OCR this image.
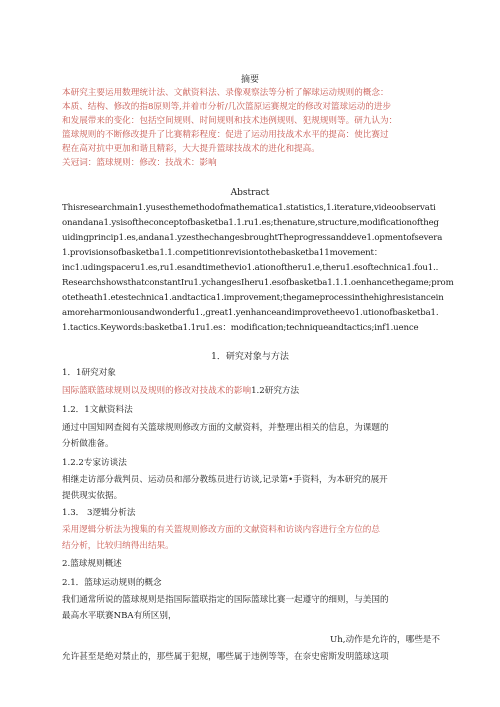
摘要
本研究主要运用数理统计法、文献资料法、录像观察法等分析了解球运动规则的概念：
本质、结构、修改的指8原则等,并着市分析/几次篮原运赛规定的修改对篮球运动的进步
和发展带来的变化：包括空间规则、时间规则和技术违例规则、犯规规则等。研九认为：
篮球规则的不断修改提升了比赛精彩程度：促进了运动用技战术水平的提高：使比赛过
程在高对抗中更加和谐且精彩，大大提升篮球技战术的进化和提高。
关冠词：篮球规则：修改：技战术：影响
Abstract
Thisresearchmain1.yusesthemethodofmathematica1.statistics,1.iterature,videoobservati
onandana1.ysisoftheconceptofbasketba1.1.ru1.es;thenature,structure,modificationoftheg
uidingprincip1.es,andana1.yzesthechangesbroughtTheprogressanddeve1.opmentofsevera
1.provisionsofbasketba1.1.competitionrevisiontothebasketba11movement：
inc1.udingspaceru1.es,ru1.esandtimethevio1.ationoftheru1.e,theru1.esoftechnica1.fou1..
ResearchshowsthatconstantIru1.ychangesIheru1.esofbasketba1.1.1.oenhancethegame;prom
otetheath1.etestechnica1.andtactica1.improvement;thegameprocessinthehighresistancein
amoreharmoniousandwonderfu1.,great1.yenhanceandimprovetheevo1.utionofbasketba1.
1.tactics.Keywords:basketba1.1ru1.es：modification;techniqueandtactics;inf1.uence
1．研究对象与方法
1．1研究对象
国际篮联篮球规则以及规则的修改对技战术的影响1.2研究方法
1.2．1文献资料法
通过中国知网查阅有关篮球规则修改方面的文献资料，并整理出相关的信息，为课题的
分析做准备。
1.2.2专家访谈法
相继走访部分裁判员、运动员和部分教练员进行访谈,记录第•手资料，为本研究的展开
提供现实依据。
1.3． 3逻辑分析法
采用逻辑分析法为搜集的有关篮规则修改方面的文献资料和访谈内容进行全方位的总
结分析，比较归纳得出结果。
2.篮球规则概述
2.1．篮球运动规则的概念
我们通常所说的篮球规则是指国际篮联指定的国际篮球比赛一起遵守的细则，与美国的
最高水平联赛NBA有所区别，
Uh,动作是允许的，哪些是不
允许甚至是绝对禁止的，那些属于犯规，哪些属于违例等等，在奈史密斯发明篮球这项
